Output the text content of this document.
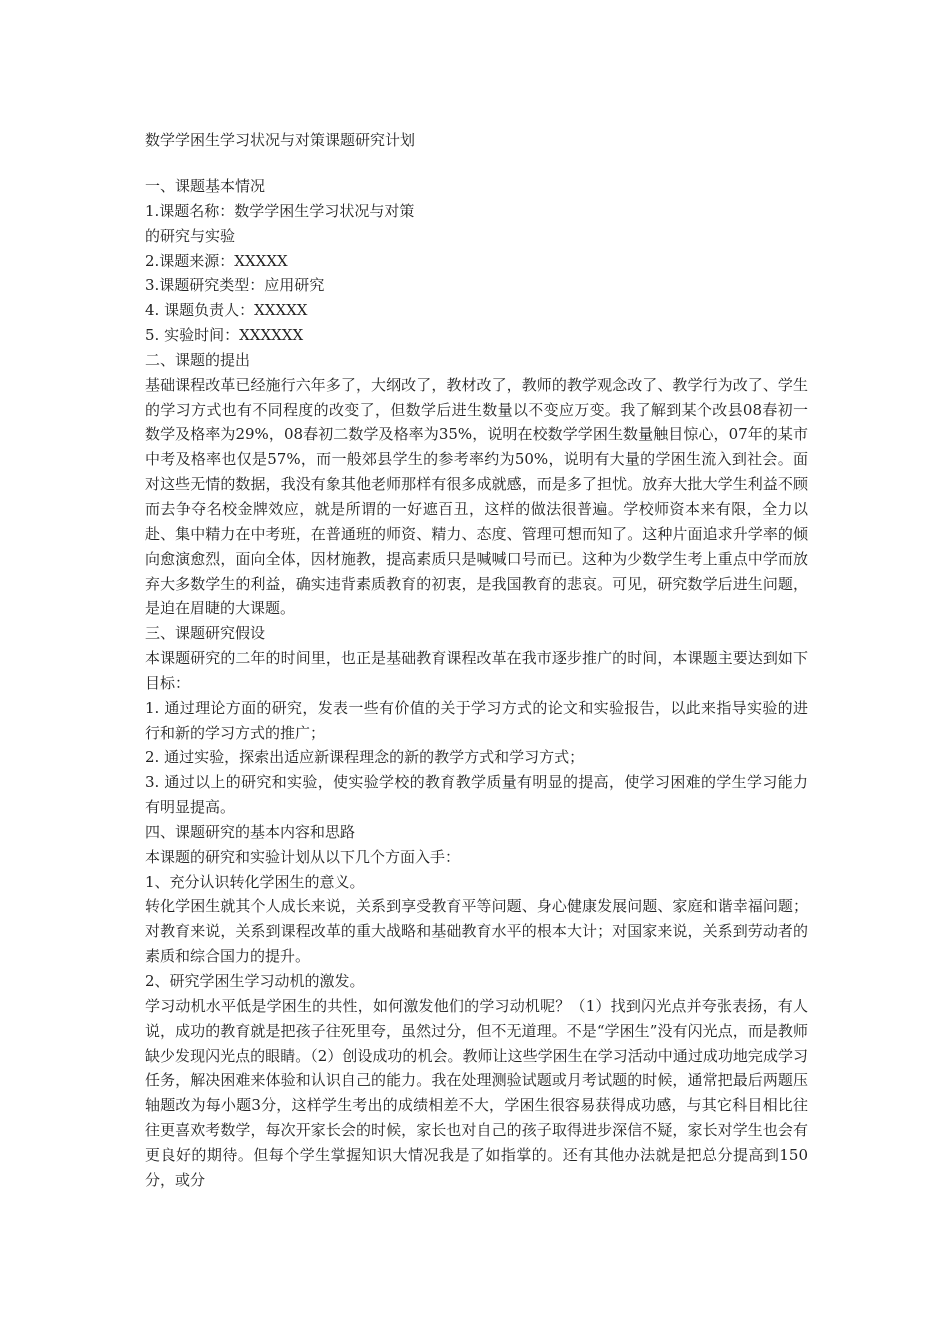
数学学困生学习状况与对策课题研究计划
一、课题基本情况
1.课题名称：数学学困生学习状况与对策
的研究与实验
2.课题来源：XXXXX
3.课题研究类型：应用研究
4. 课题负责人：XXXXX
5. 实验时间：XXXXXX
二、课题的提出
基础课程改革已经施行六年多了，大纲改了，教材改了，教师的教学观念改了、教学行为改了、学生的学习方式也有不同程度的改变了，但数学后进生数量以不变应万变。我了解到某个改县08春初一数学及格率为29%，08春初二数学及格率为35%，说明在校数学学困生数量触目惊心，07年的某市中考及格率也仅是57%，而一般郊县学生的参考率约为50%，说明有大量的学困生流入到社会。面对这些无情的数据，我没有象其他老师那样有很多成就感，而是多了担忧。放弃大批大学生利益不顾而去争夺名校金牌效应，就是所谓的一好遮百丑，这样的做法很普遍。学校师资本来有限，全力以赴、集中精力在中考班，在普通班的师资、精力、态度、管理可想而知了。这种片面追求升学率的倾向愈演愈烈，面向全体，因材施教，提高素质只是喊喊口号而已。这种为少数学生考上重点中学而放弃大多数学生的利益，确实违背素质教育的初衷，是我国教育的悲哀。可见，研究数学后进生问题，是迫在眉睫的大课题。
三、课题研究假设
本课题研究的二年的时间里，也正是基础教育课程改革在我市逐步推广的时间，本课题主要达到如下目标：
1. 通过理论方面的研究，发表一些有价值的关于学习方式的论文和实验报告，以此来指导实验的进行和新的学习方式的推广；
2. 通过实验，探索出适应新课程理念的新的教学方式和学习方式；
3. 通过以上的研究和实验，使实验学校的教育教学质量有明显的提高，使学习困难的学生学习能力有明显提高。
四、课题研究的基本内容和思路
本课题的研究和实验计划从以下几个方面入手：
1、充分认识转化学困生的意义。
转化学困生就其个人成长来说，关系到享受教育平等问题、身心健康发展问题、家庭和谐幸福问题；对教育来说，关系到课程改革的重大战略和基础教育水平的根本大计；对国家来说，关系到劳动者的素质和综合国力的提升。
2、研究学困生学习动机的激发。
学习动机水平低是学困生的共性，如何激发他们的学习动机呢？（1）找到闪光点并夸张表扬，有人说，成功的教育就是把孩子往死里夸，虽然过分，但不无道理。不是“学困生”没有闪光点，而是教师缺少发现闪光点的眼睛。（2）创设成功的机会。教师让这些学困生在学习活动中通过成功地完成学习任务，解决困难来体验和认识自己的能力。我在处理测验试题或月考试题的时候，通常把最后两题压轴题改为每小题3分，这样学生考出的成绩相差不大，学困生很容易获得成功感，与其它科目相比往往更喜欢考数学，每次开家长会的时候，家长也对自己的孩子取得进步深信不疑，家长对学生也会有更良好的期待。但每个学生掌握知识大情况我是了如指掌的。还有其他办法就是把总分提高到150分，或分
